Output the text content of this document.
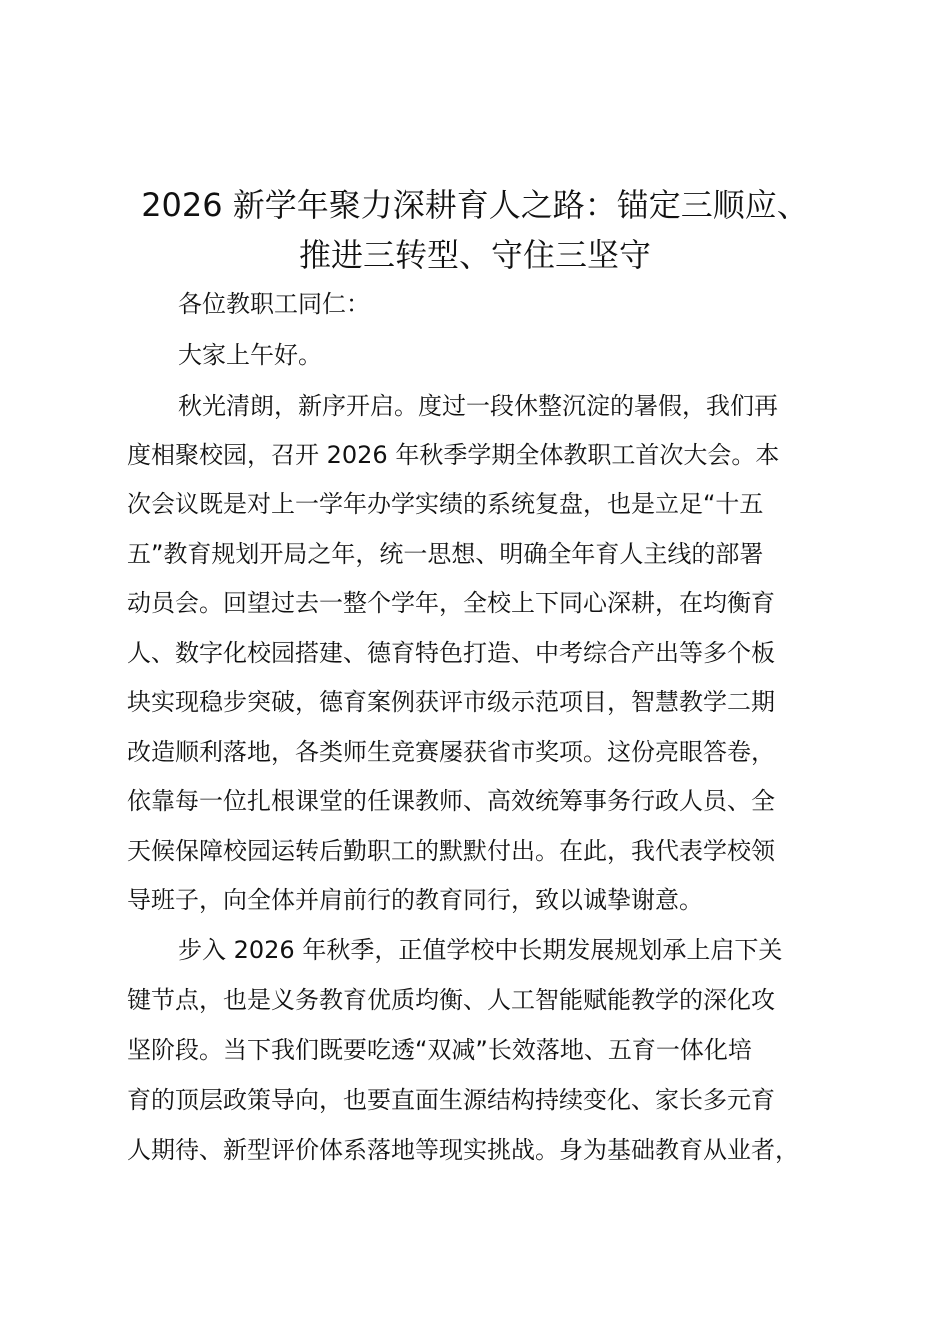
2026 新学年聚力深耕育人之路：锚定三顺应、
推进三转型、守住三坚守

各位教职工同仁：

大家上午好。

秋光清朗，新序开启。度过一段休整沉淀的暑假，我们再

度相聚校园，召开 2026 年秋季学期全体教职工首次大会。本

次会议既是对上一学年办学实绩的系统复盘，也是立足“十五

五”教育规划开局之年，统一思想、明确全年育人主线的部署

动员会。回望过去一整个学年，全校上下同心深耕，在均衡育

人、数字化校园搭建、德育特色打造、中考综合产出等多个板

块实现稳步突破，德育案例获评市级示范项目，智慧教学二期

改造顺利落地，各类师生竞赛屡获省市奖项。这份亮眼答卷，

依靠每一位扎根课堂的任课教师、高效统筹事务行政人员、全

天候保障校园运转后勤职工的默默付出。在此，我代表学校领

导班子，向全体并肩前行的教育同行，致以诚挚谢意。

步入 2026 年秋季，正值学校中长期发展规划承上启下关

键节点，也是义务教育优质均衡、人工智能赋能教学的深化攻

坚阶段。当下我们既要吃透“双减”长效落地、五育一体化培

育的顶层政策导向，也要直面生源结构持续变化、家长多元育

人期待、新型评价体系落地等现实挑战。身为基础教育从业者，
